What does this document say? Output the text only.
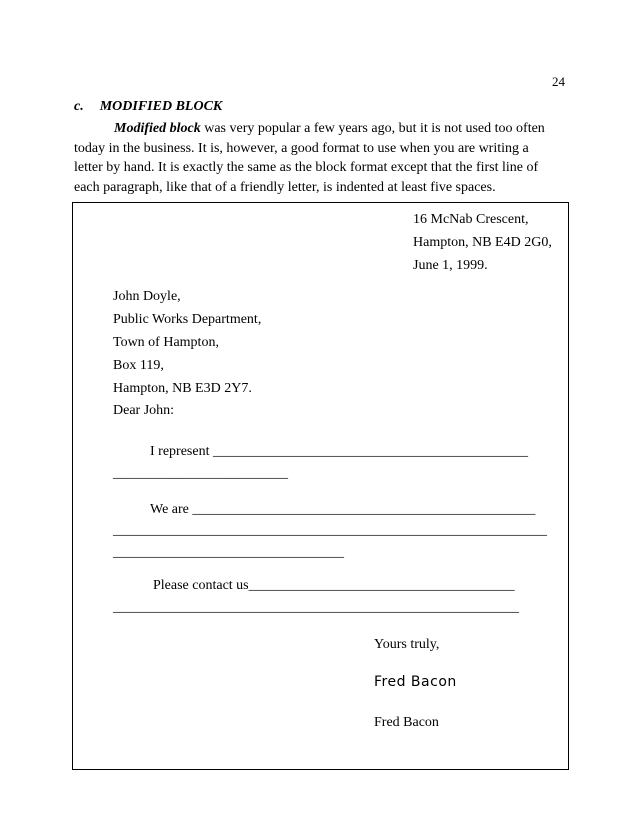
24
c. MODIFIED BLOCK

Modified block was very popular a few years ago, but it is not used too often

today in the business. It is, however, a good format to use when you are writing a

letter by hand. It is exactly the same as the block format except that the first line of

each paragraph, like that of a friendly letter, is indented at least five spaces.

16 McNab Crescent,
Hampton, NB E4D 2G0,
June 1, 1999.
John Doyle,
Public Works Department,
Town of Hampton,
Box 119,
Hampton, NB E3D 2Y7.
Dear John:
I represent _____________________________________________
_________________________
We are _________________________________________________
______________________________________________________________
_________________________________
Please contact us______________________________________
__________________________________________________________
Yours truly,
Fred Bacon
Fred Bacon
